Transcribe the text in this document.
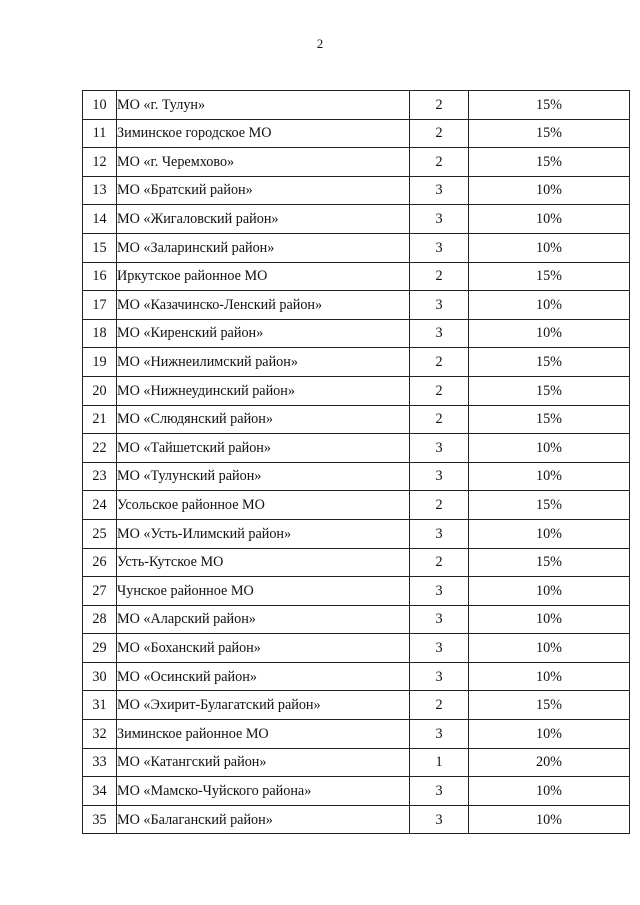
2
10	МО «г. Тулун»	2	15%
11	Зиминское городское МО	2	15%
12	МО «г. Черемхово»	2	15%
13	МО «Братский район»	3	10%
14	МО «Жигаловский район»	3	10%
15	МО «Заларинский район»	3	10%
16	Иркутское районное МО	2	15%
17	МО «Казачинско-Ленский район»	3	10%
18	МО «Киренский район»	3	10%
19	МО «Нижнеилимский район»	2	15%
20	МО «Нижнеудинский район»	2	15%
21	МО «Слюдянский район»	2	15%
22	МО «Тайшетский район»	3	10%
23	МО «Тулунский район»	3	10%
24	Усольское районное МО	2	15%
25	МО «Усть-Илимский район»	3	10%
26	Усть-Кутское МО	2	15%
27	Чунское районное МО	3	10%
28	МО «Аларский район»	3	10%
29	МО «Боханский район»	3	10%
30	МО «Осинский район»	3	10%
31	МО «Эхирит-Булагатский район»	2	15%
32	Зиминское районное МО	3	10%
33	МО «Катангский район»	1	20%
34	МО «Мамско-Чуйского района»	3	10%
35	МО «Балаганский район»	3	10%
